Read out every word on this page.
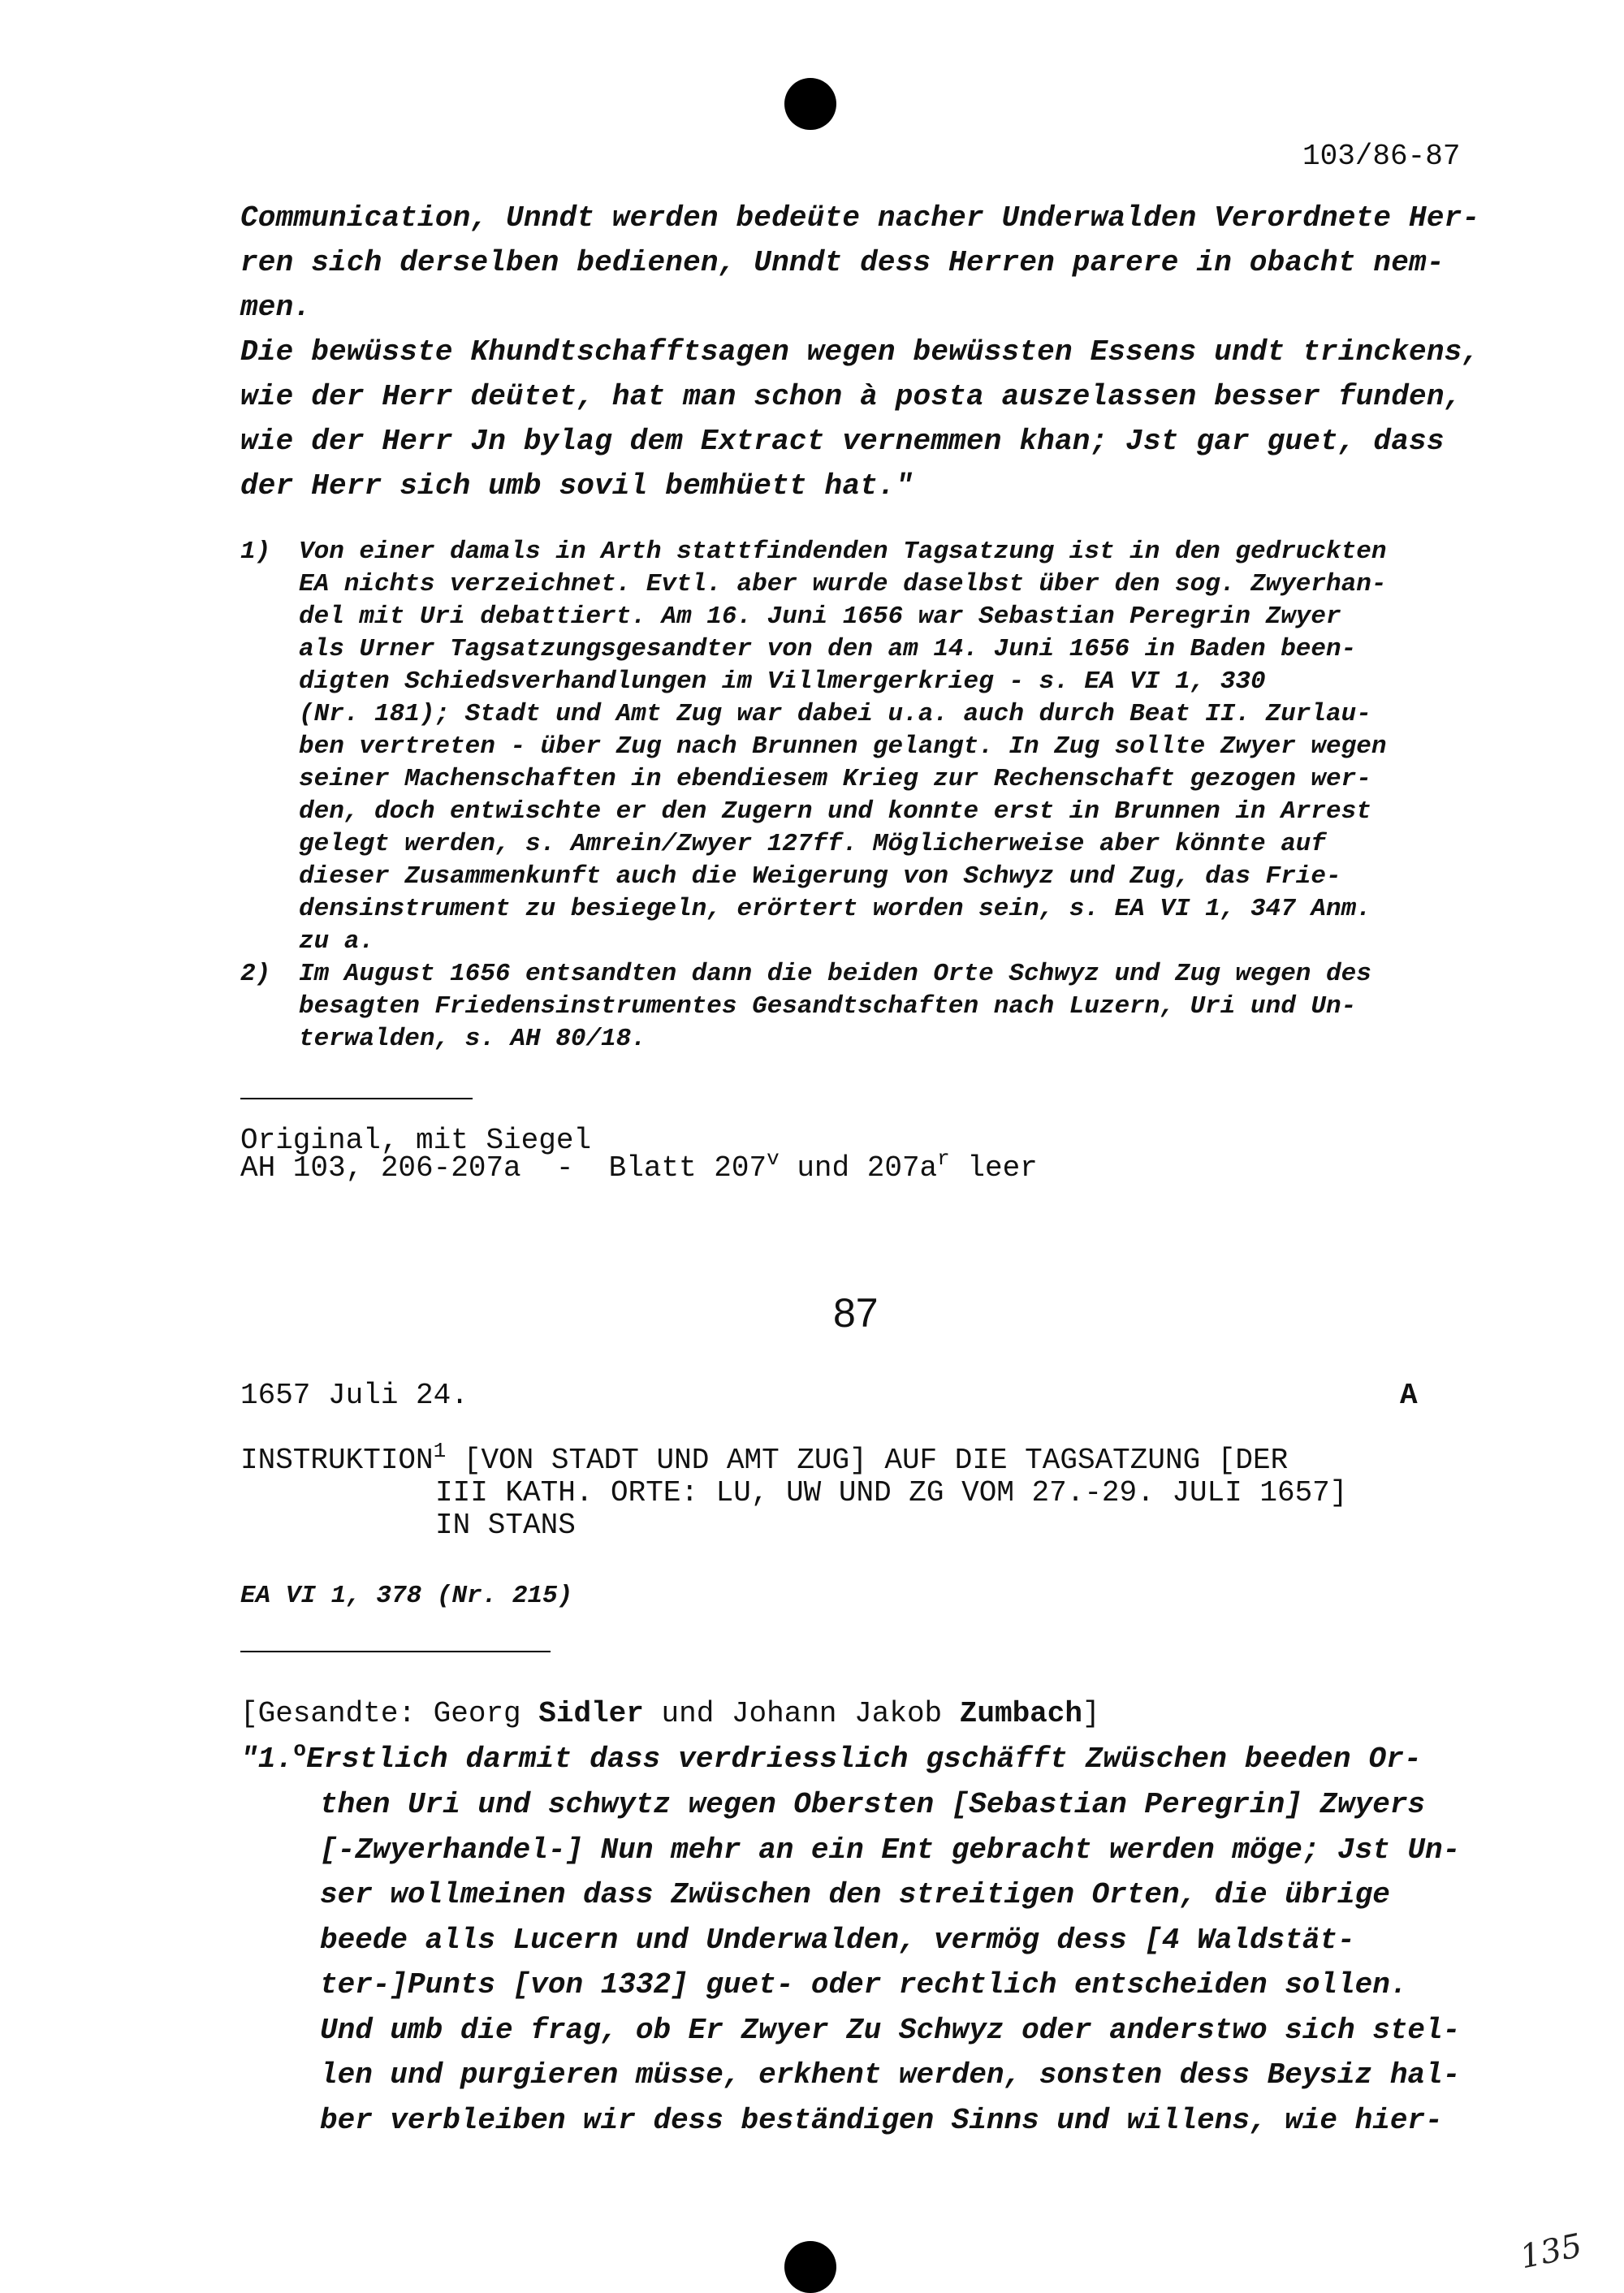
103/86-87
Communication, Unndt werden bedeüte nacher Underwalden Verordnete Her-
ren sich derselben bedienen, Unndt dess Herren parere in obacht nem-
men.
Die bewüsste Khundtschafftsagen wegen bewüssten Essens undt trinckens,
wie der Herr deütet, hat man schon à posta auszelassen besser funden,
wie der Herr Jn bylag dem Extract vernemmen khan; Jst gar guet, dass
der Herr sich umb sovil bemhüett hat."
1) Von einer damals in Arth stattfindenden Tagsatzung ist in den gedruckten
EA nichts verzeichnet. Evtl. aber wurde daselbst über den sog. Zwyerhan-
del mit Uri debattiert. Am 16. Juni 1656 war Sebastian Peregrin Zwyer
als Urner Tagsatzungsgesandter von den am 14. Juni 1656 in Baden been-
digten Schiedsverhandlungen im Villmergerkrieg - s. EA VI 1, 330
(Nr. 181); Stadt und Amt Zug war dabei u.a. auch durch Beat II. Zurlau-
ben vertreten - über Zug nach Brunnen gelangt. In Zug sollte Zwyer wegen
seiner Machenschaften in ebendiesem Krieg zur Rechenschaft gezogen wer-
den, doch entwischte er den Zugern und konnte erst in Brunnen in Arrest
gelegt werden, s. Amrein/Zwyer 127ff. Möglicherweise aber könnte auf
dieser Zusammenkunft auch die Weigerung von Schwyz und Zug, das Frie-
densinstrument zu besiegeln, erörtert worden sein, s. EA VI 1, 347 Anm.
zu a.
2) Im August 1656 entsandten dann die beiden Orte Schwyz und Zug wegen des
besagten Friedensinstrumentes Gesandtschaften nach Luzern, Uri und Un-
terwalden, s. AH 80/18.
Original, mit Siegel
AH 103, 206-207a  -  Blatt 207$^v$ und $207a^r$ leer
87
1657 Juli 24.	A
INSTRUKTION$^1$ [VON STADT UND AMT ZUG] AUF DIE TAGSATZUNG [DER
III KATH. ORTE: LU, UW UND ZG VOM 27.-29. JULI 1657]
IN STANS
EA VI 1, 378 (Nr. 215)
[Gesandte: Georg Sidler und Johann Jakob Zumbach]
"1.$^o$Erstlich darmit dass verdriesslich gschäfft Zwüschen beeden Or-
then Uri und schwytz wegen Obersten [Sebastian Peregrin] Zwyers
[-Zwyerhandel-] Nun mehr an ein Ent gebracht werden möge; Jst Un-
ser wollmeinen dass Zwüschen den streitigen Orten, die übrige
beede alls Lucern und Underwalden, vermög dess [4 Waldstät-
ter-]Punts [von 1332] guet- oder rechtlich entscheiden sollen.
Und umb die frag, ob Er Zwyer Zu Schwyz oder anderstwo sich stel-
len und purgieren müsse, erkhent werden, sonsten dess Beysiz hal-
ber verbleiben wir dess beständigen Sinns und willens, wie hier-
135
